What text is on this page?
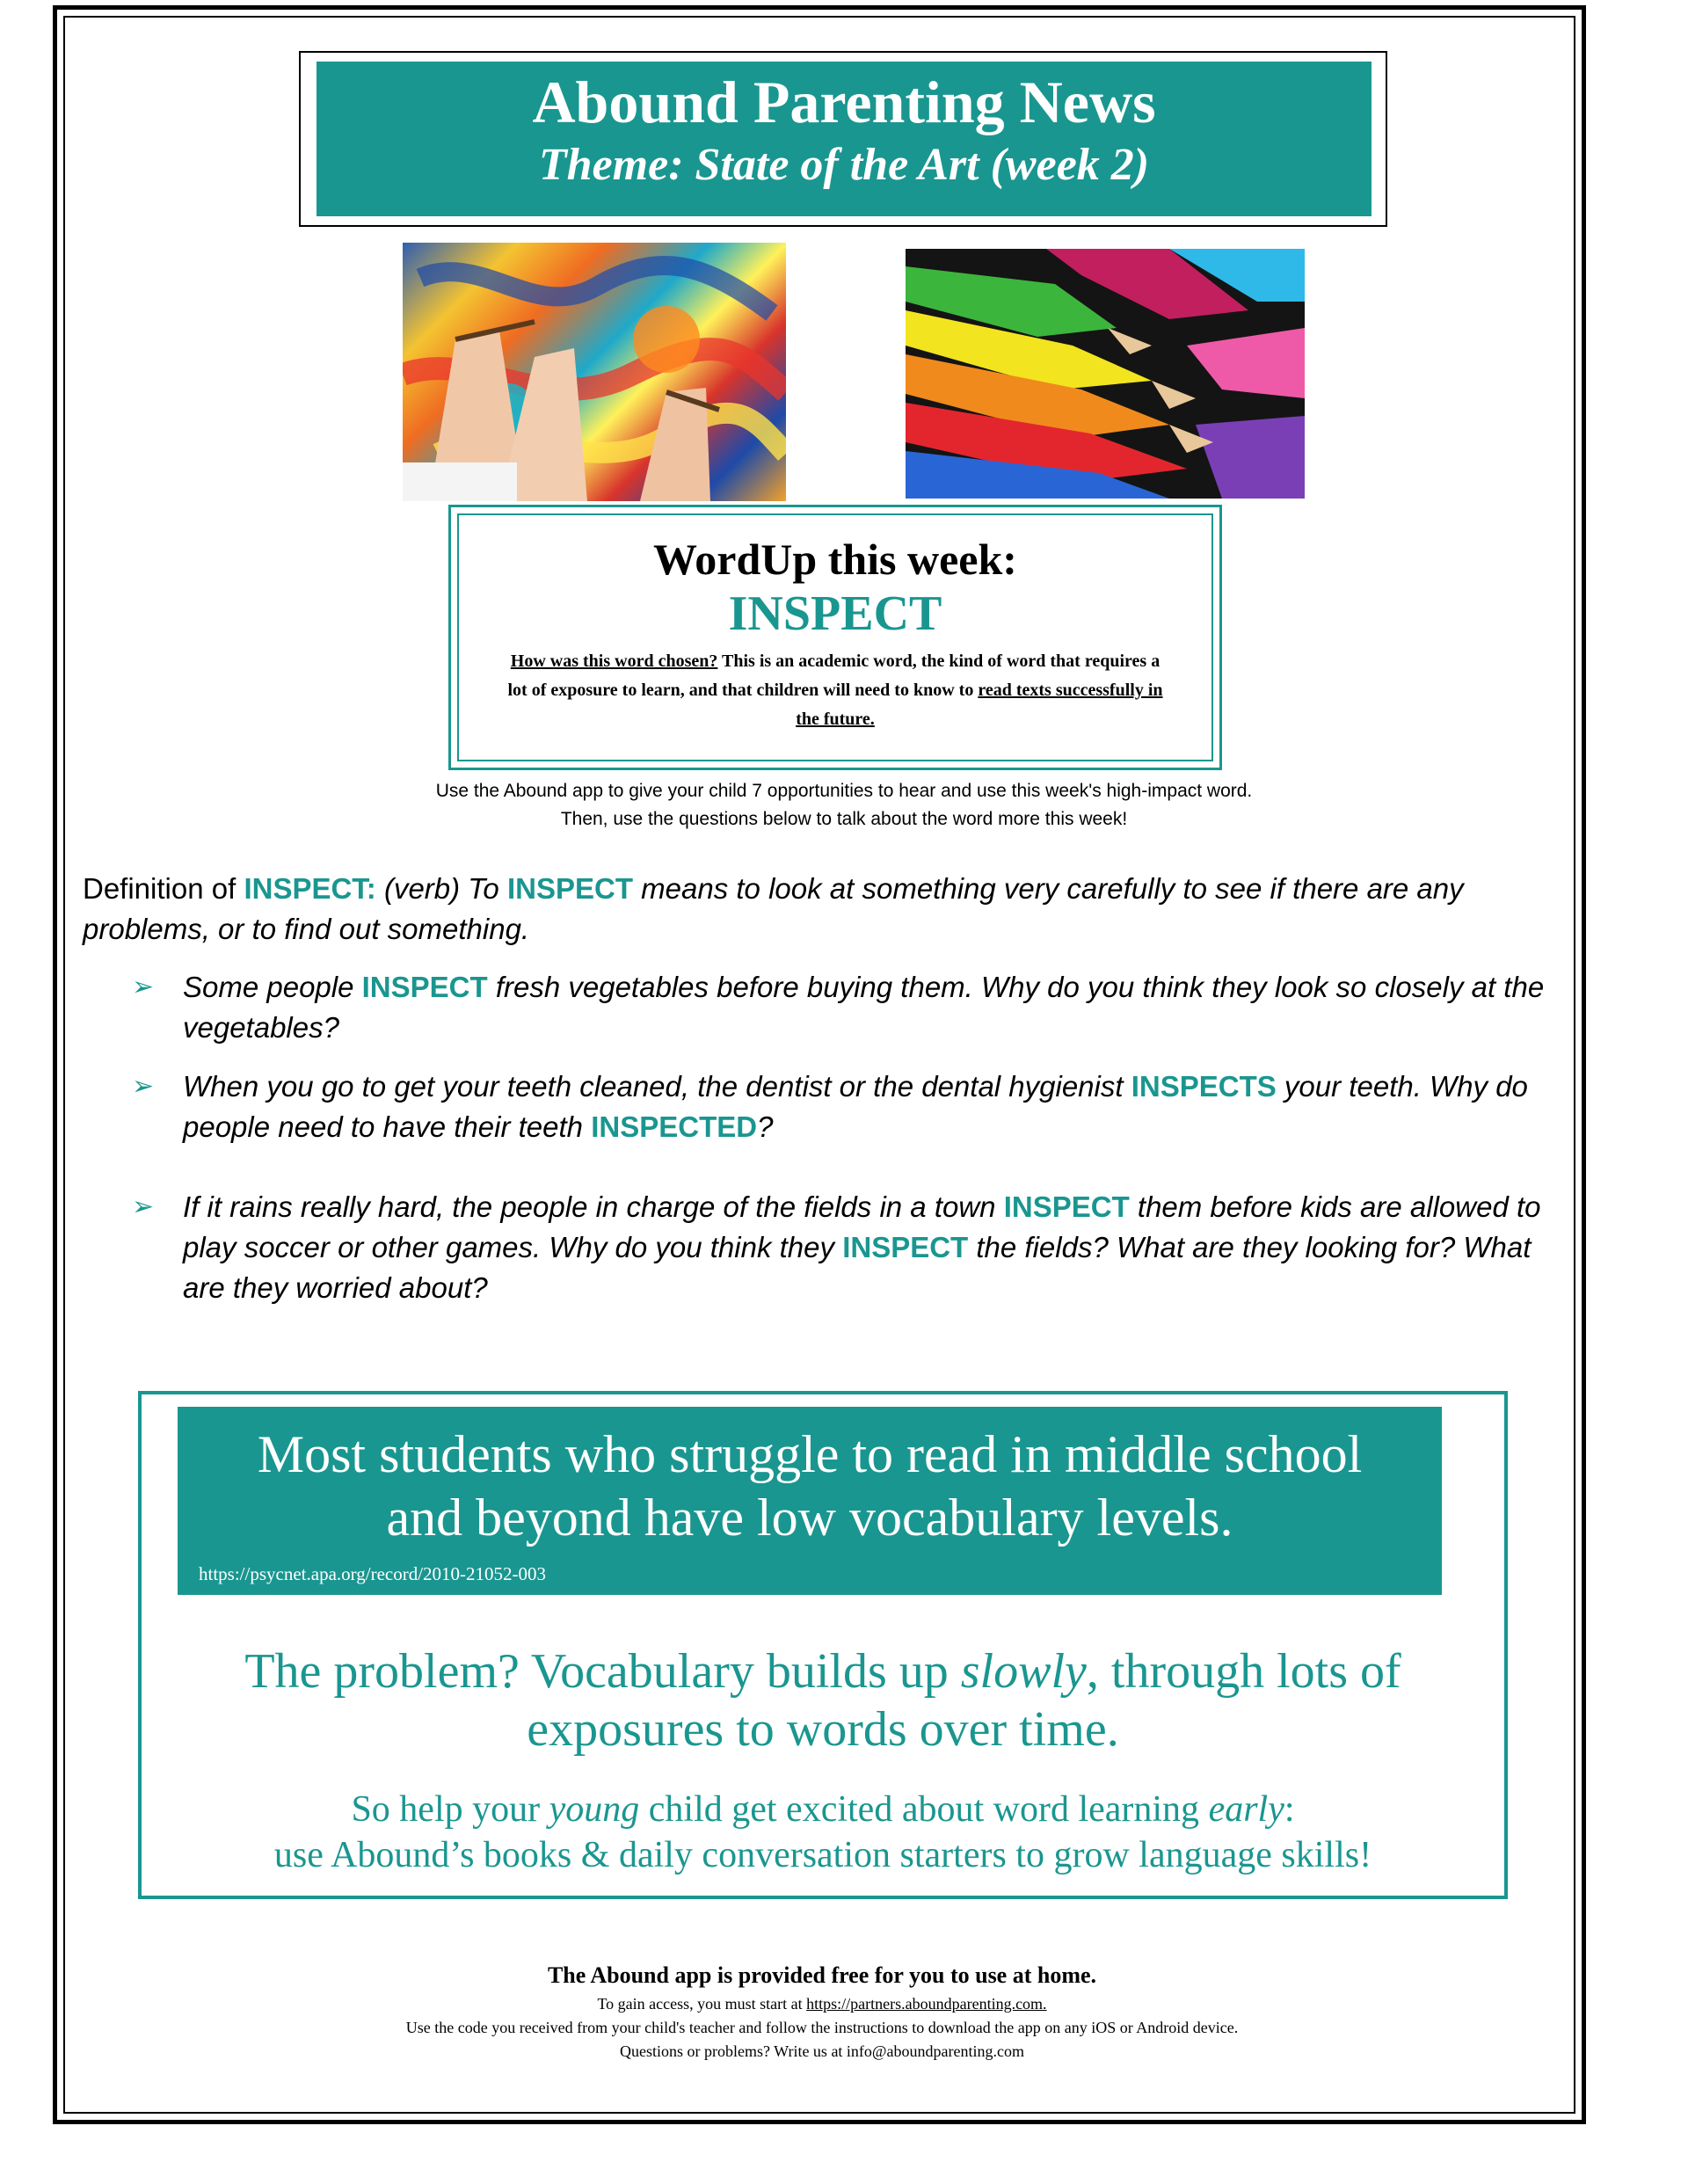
Abound Parenting News
Theme: State of the Art (week 2)
WordUp this week:
INSPECT
How was this word chosen? This is an academic word, the kind of word that requires a lot of exposure to learn, and that children will need to know to read texts successfully in the future.
Use the Abound app to give your child 7 opportunities to hear and use this week's high-impact word.
Then, use the questions below to talk about the word more this week!
Definition of INSPECT: (verb) To INSPECT means to look at something very carefully to see if there are any problems, or to find out something.
➢ Some people INSPECT fresh vegetables before buying them. Why do you think they look so closely at the vegetables?
➢ When you go to get your teeth cleaned, the dentist or the dental hygienist INSPECTS your teeth. Why do people need to have their teeth INSPECTED?
➢ If it rains really hard, the people in charge of the fields in a town INSPECT them before kids are allowed to play soccer or other games. Why do you think they INSPECT the fields? What are they looking for? What are they worried about?
Most students who struggle to read in middle school
and beyond have low vocabulary levels.
https://psycnet.apa.org/record/2010-21052-003
The problem? Vocabulary builds up slowly, through lots of
exposures to words over time.
So help your young child get excited about word learning early:
use Abound’s books & daily conversation starters to grow language skills!
The Abound app is provided free for you to use at home.
To gain access, you must start at https://partners.aboundparenting.com.
Use the code you received from your child's teacher and follow the instructions to download the app on any iOS or Android device.
Questions or problems? Write us at info@aboundparenting.com
